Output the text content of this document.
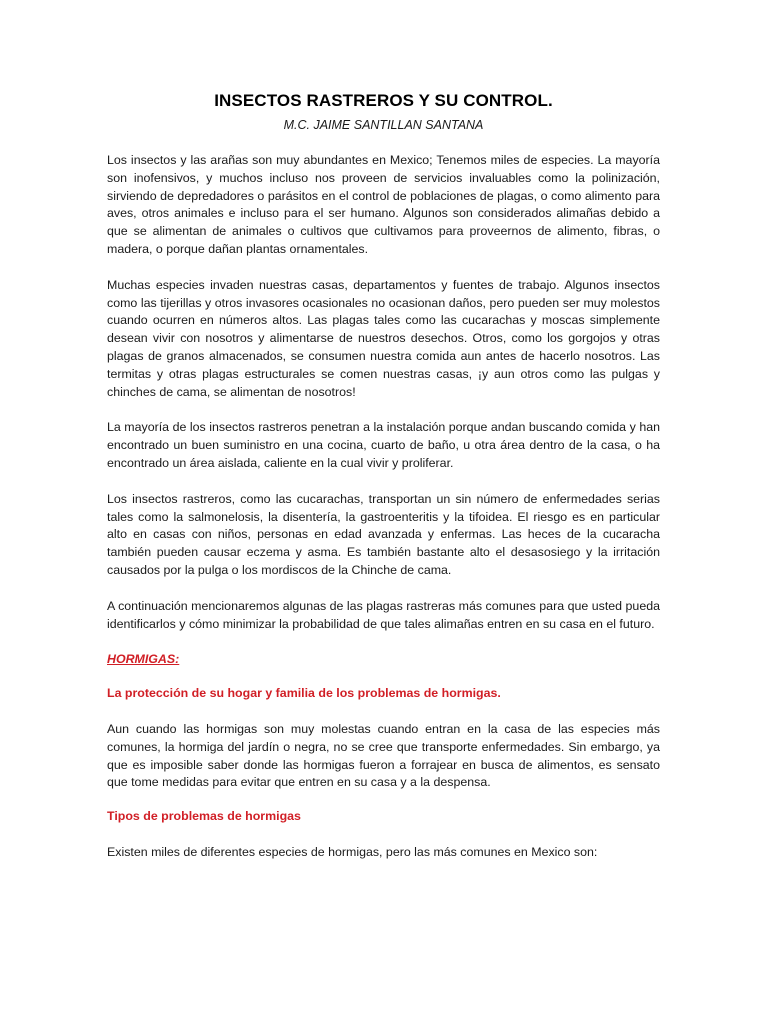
INSECTOS RASTREROS Y SU CONTROL.

M.C. JAIME SANTILLAN SANTANA

Los insectos y las arañas son muy abundantes en Mexico; Tenemos miles de especies. La mayoría son inofensivos, y muchos incluso nos proveen de servicios invaluables como la polinización, sirviendo de depredadores o parásitos en el control de poblaciones de plagas, o como alimento para aves, otros animales e incluso para el ser humano. Algunos son considerados alimañas debido a que se alimentan de animales o cultivos que cultivamos para proveernos de alimento, fibras, o madera, o porque dañan plantas ornamentales.

Muchas especies invaden nuestras casas, departamentos y fuentes de trabajo. Algunos insectos como las tijerillas y otros invasores ocasionales no ocasionan daños, pero pueden ser muy molestos cuando ocurren en números altos. Las plagas tales como las cucarachas y moscas simplemente desean vivir con nosotros y alimentarse de nuestros desechos. Otros, como los gorgojos y otras plagas de granos almacenados, se consumen nuestra comida aun antes de hacerlo nosotros. Las termitas y otras plagas estructurales se comen nuestras casas, ¡y aun otros como las pulgas y chinches de cama, se alimentan de nosotros!

La mayoría de los insectos rastreros penetran a la instalación porque andan buscando comida y han encontrado un buen suministro en una cocina, cuarto de baño, u otra área dentro de la casa, o ha encontrado un área aislada, caliente en la cual vivir y proliferar.

Los insectos rastreros, como las cucarachas, transportan un sin número de enfermedades serias tales como la salmonelosis, la disentería, la gastroenteritis y la tifoidea. El riesgo es en particular alto en casas con niños, personas en edad avanzada y enfermas. Las heces de la cucaracha también pueden causar eczema y asma. Es también bastante alto el desasosiego y la irritación causados por la pulga o los mordiscos de la Chinche de cama.

A continuación mencionaremos algunas de las plagas rastreras más comunes para que usted pueda identificarlos y cómo minimizar la probabilidad de que tales alimañas entren en su casa en el futuro.

HORMIGAS:

La protección de su hogar y familia de los problemas de hormigas.

Aun cuando las hormigas son muy molestas cuando entran en la casa de las especies más comunes, la hormiga del jardín o negra, no se cree que transporte enfermedades. Sin embargo, ya que es imposible saber donde las hormigas fueron a forrajear en busca de alimentos, es sensato que tome medidas para evitar que entren en su casa y a la despensa.

Tipos de problemas de hormigas

Existen miles de diferentes especies de hormigas, pero las más comunes en Mexico son:
